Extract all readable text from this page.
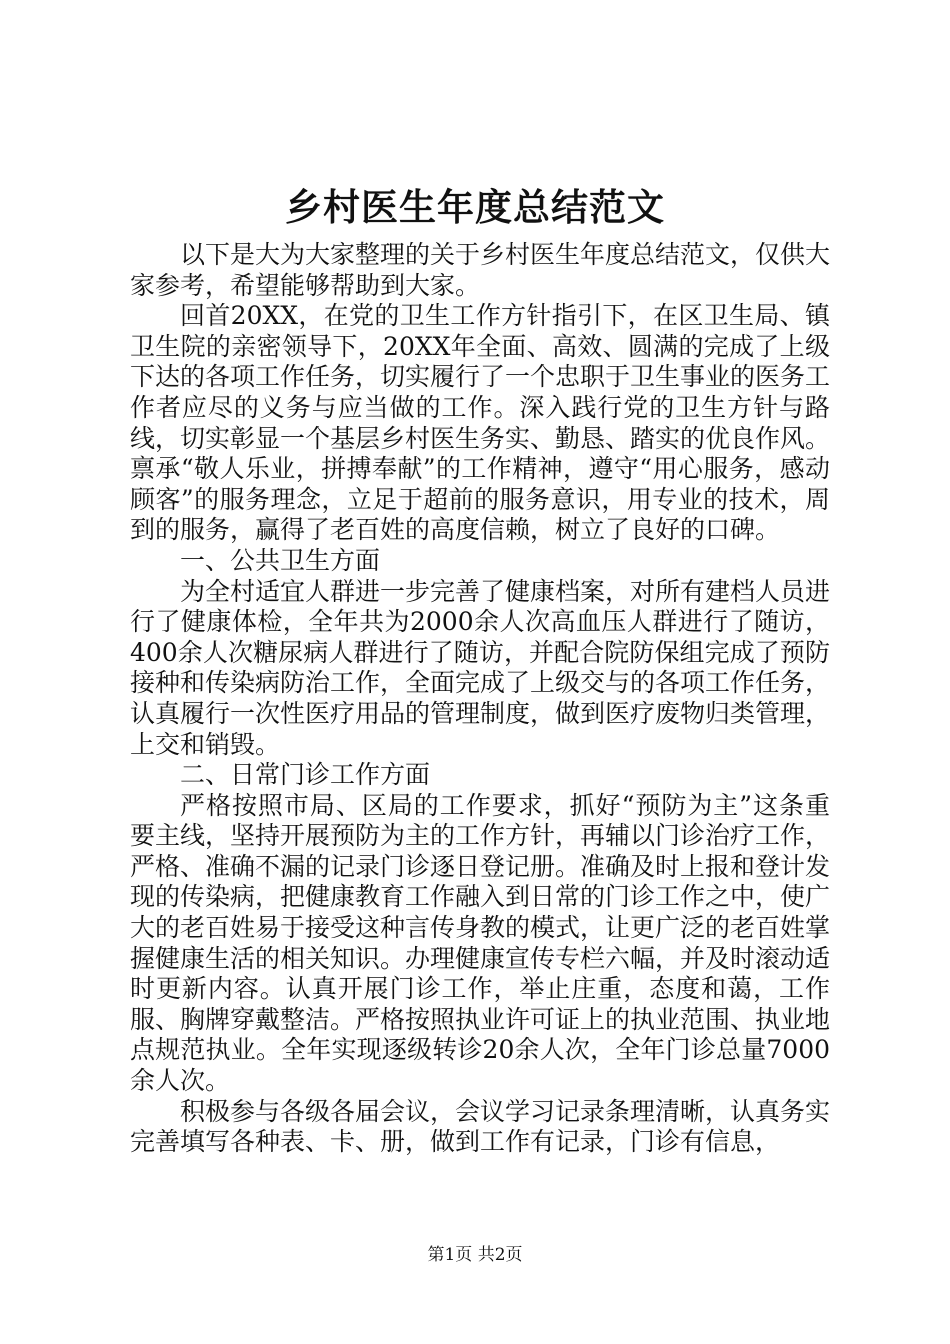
乡村医生年度总结范文

以下是大为大家整理的关于乡村医生年度总结范文，仅供大家参考，希望能够帮助到大家。

回首20XX，在党的卫生工作方针指引下，在区卫生局、镇卫生院的亲密领导下，20XX年全面、高效、圆满的完成了上级下达的各项工作任务，切实履行了一个忠职于卫生事业的医务工作者应尽的义务与应当做的工作。深入践行党的卫生方针与路线，切实彰显一个基层乡村医生务实、勤恳、踏实的优良作风。禀承“敬人乐业，拼搏奉献”的工作精神，遵守“用心服务，感动顾客”的服务理念，立足于超前的服务意识，用专业的技术，周到的服务，赢得了老百姓的高度信赖，树立了良好的口碑。

一、公共卫生方面

为全村适宜人群进一步完善了健康档案，对所有建档人员进行了健康体检，全年共为2000余人次高血压人群进行了随访，400余人次糖尿病人群进行了随访，并配合院防保组完成了预防接种和传染病防治工作，全面完成了上级交与的各项工作任务，认真履行一次性医疗用品的管理制度，做到医疗废物归类管理，上交和销毁。

二、日常门诊工作方面

严格按照市局、区局的工作要求，抓好“预防为主”这条重要主线，坚持开展预防为主的工作方针，再辅以门诊治疗工作，严格、准确不漏的记录门诊逐日登记册。准确及时上报和登计发现的传染病，把健康教育工作融入到日常的门诊工作之中，使广大的老百姓易于接受这种言传身教的模式，让更广泛的老百姓掌握健康生活的相关知识。办理健康宣传专栏六幅，并及时滚动适时更新内容。认真开展门诊工作，举止庄重，态度和蔼，工作服、胸牌穿戴整洁。严格按照执业许可证上的执业范围、执业地点规范执业。全年实现逐级转诊20余人次，全年门诊总量7000余人次。

积极参与各级各届会议，会议学习记录条理清晰，认真务实完善填写各种表、卡、册，做到工作有记录，门诊有信息，

第1页 共2页
